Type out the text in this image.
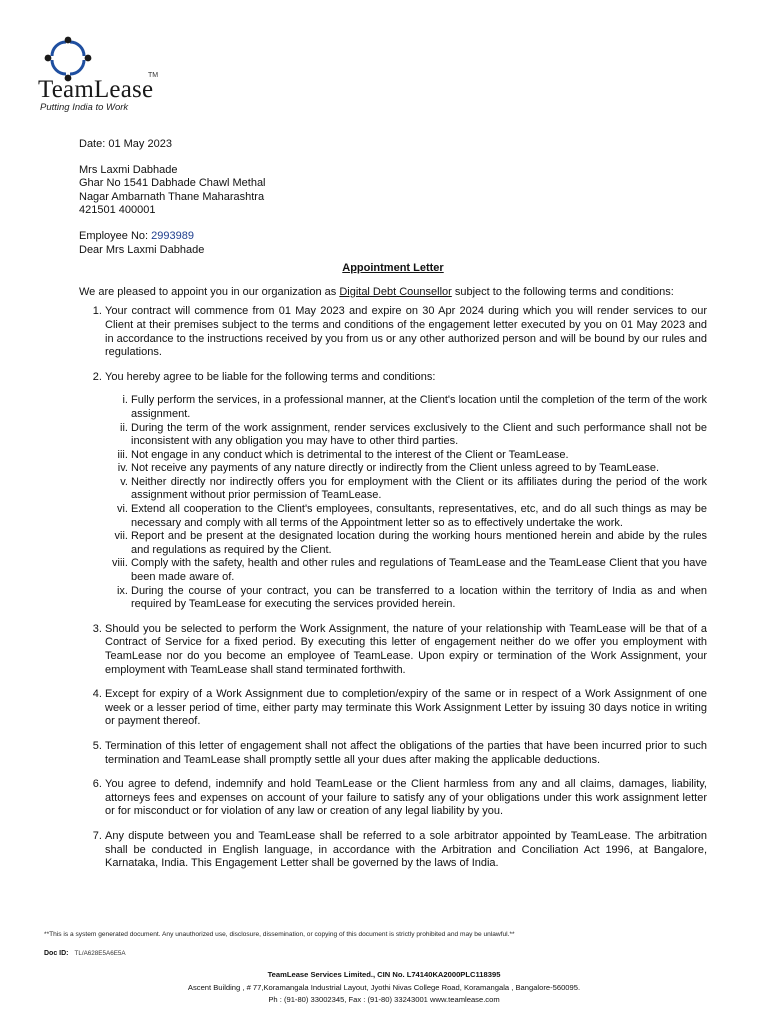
TeamLease
TM
Putting India to Work
Date: 01 May 2023
Mrs Laxmi Dabhade
Ghar No 1541 Dabhade Chawl Methal
Nagar Ambarnath Thane Maharashtra
421501 400001
Employee No: 2993989
Dear Mrs Laxmi Dabhade
Appointment Letter
We are pleased to appoint you in our organization as Digital Debt Counsellor subject to the following terms and conditions:
1. Your contract will commence from 01 May 2023 and expire on 30 Apr 2024 during which you will render services to our Client at their premises subject to the terms and conditions of the engagement letter executed by you on 01 May 2023 and in accordance to the instructions received by you from us or any other authorized person and will be bound by our rules and regulations.
2. You hereby agree to be liable for the following terms and conditions:
i. Fully perform the services, in a professional manner, at the Client's location until the completion of the term of the work assignment.
ii. During the term of the work assignment, render services exclusively to the Client and such performance shall not be inconsistent with any obligation you may have to other third parties.
iii. Not engage in any conduct which is detrimental to the interest of the Client or TeamLease.
iv. Not receive any payments of any nature directly or indirectly from the Client unless agreed to by TeamLease.
v. Neither directly nor indirectly offers you for employment with the Client or its affiliates during the period of the work assignment without prior permission of TeamLease.
vi. Extend all cooperation to the Client's employees, consultants, representatives, etc, and do all such things as may be necessary and comply with all terms of the Appointment letter so as to effectively undertake the work.
vii. Report and be present at the designated location during the working hours mentioned herein and abide by the rules and regulations as required by the Client.
viii. Comply with the safety, health and other rules and regulations of TeamLease and the TeamLease Client that you have been made aware of.
ix. During the course of your contract, you can be transferred to a location within the territory of India as and when required by TeamLease for executing the services provided herein.
3. Should you be selected to perform the Work Assignment, the nature of your relationship with TeamLease will be that of a Contract of Service for a fixed period. By executing this letter of engagement neither do we offer you employment with TeamLease nor do you become an employee of TeamLease. Upon expiry or termination of the Work Assignment, your employment with TeamLease shall stand terminated forthwith.
4. Except for expiry of a Work Assignment due to completion/expiry of the same or in respect of a Work Assignment of one week or a lesser period of time, either party may terminate this Work Assignment Letter by issuing 30 days notice in writing or payment thereof.
5. Termination of this letter of engagement shall not affect the obligations of the parties that have been incurred prior to such termination and TeamLease shall promptly settle all your dues after making the applicable deductions.
6. You agree to defend, indemnify and hold TeamLease or the Client harmless from any and all claims, damages, liability, attorneys fees and expenses on account of your failure to satisfy any of your obligations under this work assignment letter or for misconduct or for violation of any law or creation of any legal liability by you.
7. Any dispute between you and TeamLease shall be referred to a sole arbitrator appointed by TeamLease. The arbitration shall be conducted in English language, in accordance with the Arbitration and Conciliation Act 1996, at Bangalore, Karnataka, India. This Engagement Letter shall be governed by the laws of India.
**This is a system generated document. Any unauthorized use, disclosure, dissemination, or copying of this document is strictly prohibited and may be unlawful.**
Doc ID: TL/A628E5A6E5A
TeamLease Services Limited., CIN No. L74140KA2000PLC118395
Ascent Building , # 77,Koramangala Industrial Layout, Jyothi Nivas College Road, Koramangala , Bangalore-560095.
Ph : (91-80) 33002345, Fax : (91-80) 33243001 www.teamlease.com
